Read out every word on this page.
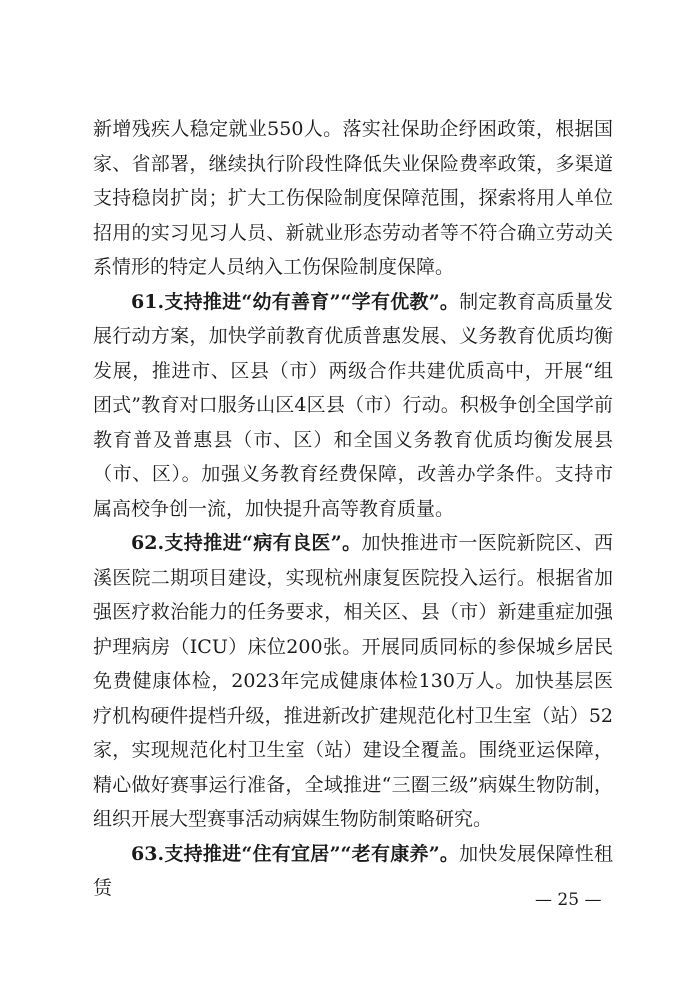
新增残疾人稳定就业550人。落实社保助企纾困政策，根据国家、省部署，继续执行阶段性降低失业保险费率政策，多渠道支持稳岗扩岗；扩大工伤保险制度保障范围，探索将用人单位招用的实习见习人员、新就业形态劳动者等不符合确立劳动关系情形的特定人员纳入工伤保险制度保障。

61.支持推进“幼有善育”“学有优教”。制定教育高质量发展行动方案，加快学前教育优质普惠发展、义务教育优质均衡发展，推进市、区县（市）两级合作共建优质高中，开展“组团式”教育对口服务山区4区县（市）行动。积极争创全国学前教育普及普惠县（市、区）和全国义务教育优质均衡发展县（市、区）。加强义务教育经费保障，改善办学条件。支持市属高校争创一流，加快提升高等教育质量。

62.支持推进“病有良医”。加快推进市一医院新院区、西溪医院二期项目建设，实现杭州康复医院投入运行。根据省加强医疗救治能力的任务要求，相关区、县（市）新建重症加强护理病房（ICU）床位200张。开展同质同标的参保城乡居民免费健康体检，2023年完成健康体检130万人。加快基层医疗机构硬件提档升级，推进新改扩建规范化村卫生室（站）52家，实现规范化村卫生室（站）建设全覆盖。围绕亚运保障，精心做好赛事运行准备，全域推进“三圈三级”病媒生物防制，组织开展大型赛事活动病媒生物防制策略研究。

63.支持推进“住有宜居”“老有康养”。加快发展保障性租赁

— 25 —
